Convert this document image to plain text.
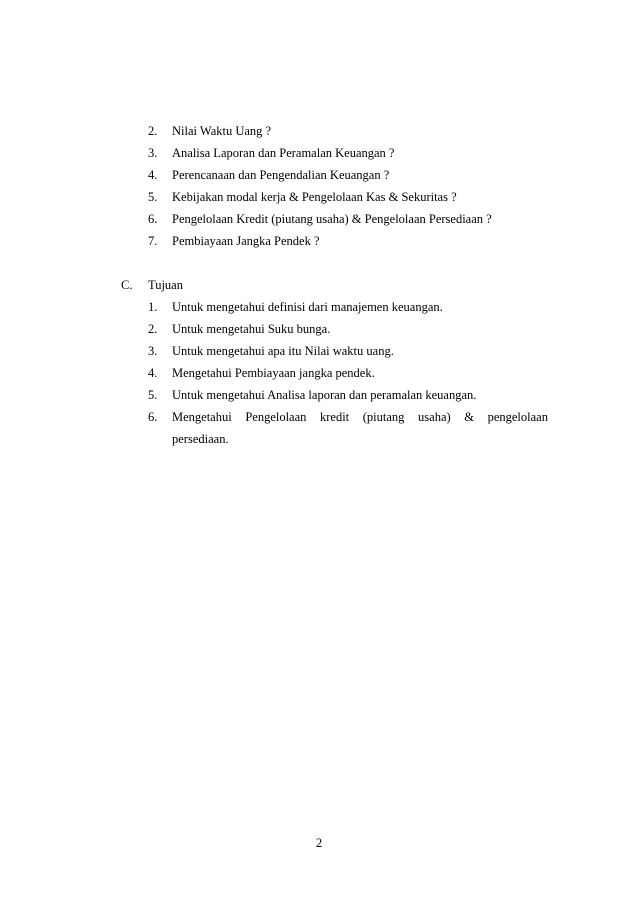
2. Nilai Waktu Uang ?
3. Analisa Laporan dan Peramalan Keuangan ?
4. Perencanaan dan Pengendalian Keuangan ?
5. Kebijakan modal kerja & Pengelolaan Kas & Sekuritas ?
6. Pengelolaan Kredit (piutang usaha) & Pengelolaan Persediaan ?
7. Pembiayaan Jangka Pendek ?
C. Tujuan
1. Untuk mengetahui definisi dari manajemen keuangan.
2. Untuk mengetahui Suku bunga.
3. Untuk mengetahui apa itu Nilai waktu uang.
4. Mengetahui Pembiayaan jangka pendek.
5. Untuk mengetahui Analisa laporan dan peramalan keuangan.
6.	Mengetahui Pengelolaan kredit (piutang usaha) & pengelolaan
persediaan.
2
